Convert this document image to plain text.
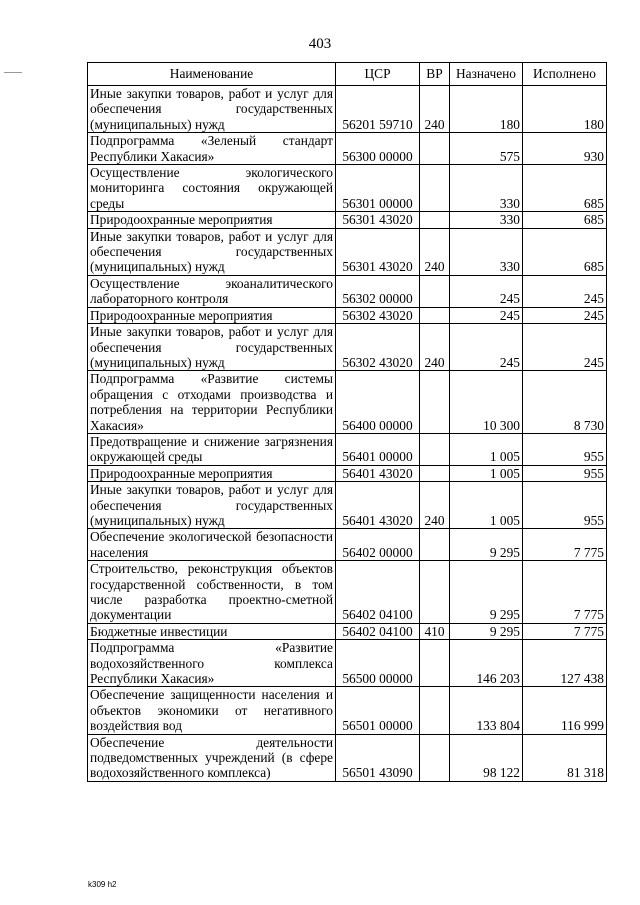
403
Наименование	ЦСР	ВР	Назначено	Исполнено
Иные закупки товаров, работ и услуг для обеспечения государственных (муниципальных) нужд	56201 59710	240	180	180
Подпрограмма «Зеленый стандарт Республики Хакасия»	56300 00000		575	930
Осуществление экологического мониторинга состояния окружающей среды	56301 00000		330	685
Природоохранные мероприятия	56301 43020		330	685
Иные закупки товаров, работ и услуг для обеспечения государственных (муниципальных) нужд	56301 43020	240	330	685
Осуществление экоаналитического лабораторного контроля	56302 00000		245	245
Природоохранные мероприятия	56302 43020		245	245
Иные закупки товаров, работ и услуг для обеспечения государственных (муниципальных) нужд	56302 43020	240	245	245
Подпрограмма «Развитие системы обращения с отходами производства и потребления на территории Республики Хакасия»	56400 00000		10 300	8 730
Предотвращение и снижение загрязнения окружающей среды	56401 00000		1 005	955
Природоохранные мероприятия	56401 43020		1 005	955
Иные закупки товаров, работ и услуг для обеспечения государственных (муниципальных) нужд	56401 43020	240	1 005	955
Обеспечение экологической безопасности населения	56402 00000		9 295	7 775
Строительство, реконструкция объектов государственной собственности, в том числе разработка проектно-сметной документации	56402 04100		9 295	7 775
Бюджетные инвестиции	56402 04100	410	9 295	7 775
Подпрограмма «Развитие водохозяйственного комплекса Республики Хакасия»	56500 00000		146 203	127 438
Обеспечение защищенности населения и объектов экономики от негативного воздействия вод	56501 00000		133 804	116 999
Обеспечение деятельности подведомственных учреждений (в сфере водохозяйственного комплекса)	56501 43090		98 122	81 318
k309 h2
